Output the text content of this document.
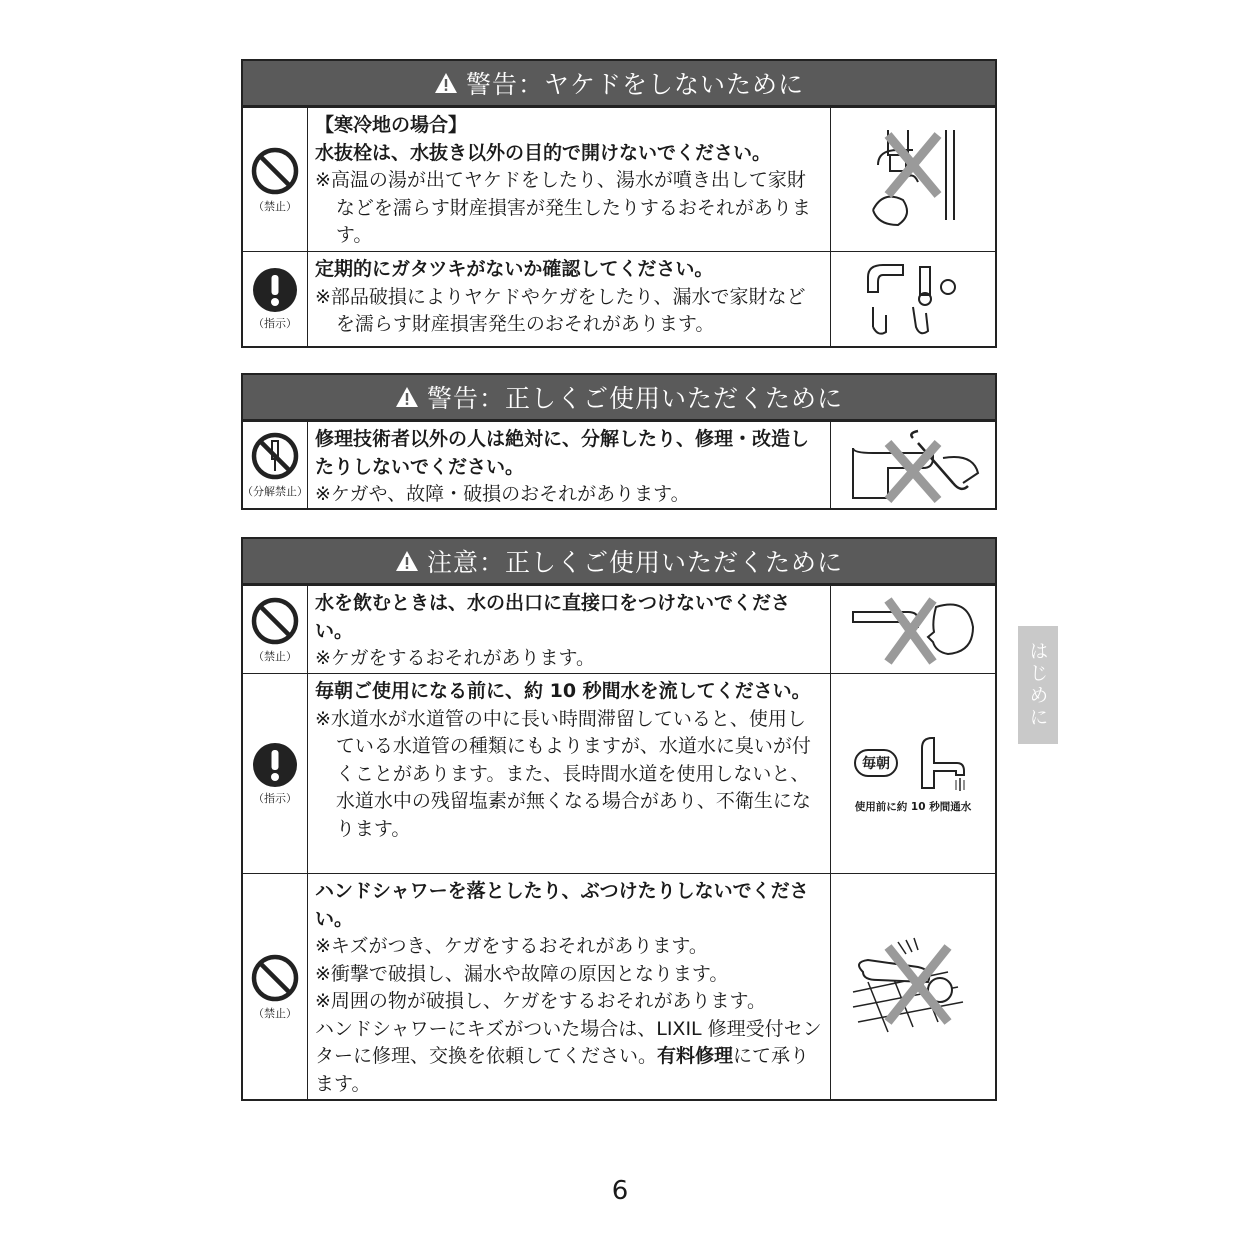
警告：ヤケドをしないために
（禁止）
【寒冷地の場合】
水抜栓は、水抜き以外の目的で開けないでください。
※高温の湯が出てヤケドをしたり、湯水が噴き出して家財などを濡らす財産損害が発生したりするおそれがあります。
（指示）
定期的にガタツキがないか確認してください。
※部品破損によりヤケドやケガをしたり、漏水で家財などを濡らす財産損害発生のおそれがあります。
警告：正しくご使用いただくために
（分解禁止）
修理技術者以外の人は絶対に、分解したり、修理・改造したりしないでください。
※ケガや、故障・破損のおそれがあります。
注意：正しくご使用いただくために
（禁止）
水を飲むときは、水の出口に直接口をつけないでください。
※ケガをするおそれがあります。
（指示）
毎朝ご使用になる前に、約 10 秒間水を流してください。
※水道水が水道管の中に長い時間滞留していると、使用している水道管の種類にもよりますが、水道水に臭いが付くことがあります。また、長時間水道を使用しないと、水道水中の残留塩素が無くなる場合があり、不衛生になります。
毎朝
使用前に約 10 秒間通水
（禁止）
ハンドシャワーを落としたり、ぶつけたりしないでください。
※キズがつき、ケガをするおそれがあります。
※衝撃で破損し、漏水や故障の原因となります。
※周囲の物が破損し、ケガをするおそれがあります。
ハンドシャワーにキズがついた場合は、LIXIL 修理受付センターに修理、交換を依頼してください。有料修理にて承ります。
はじめに
6
